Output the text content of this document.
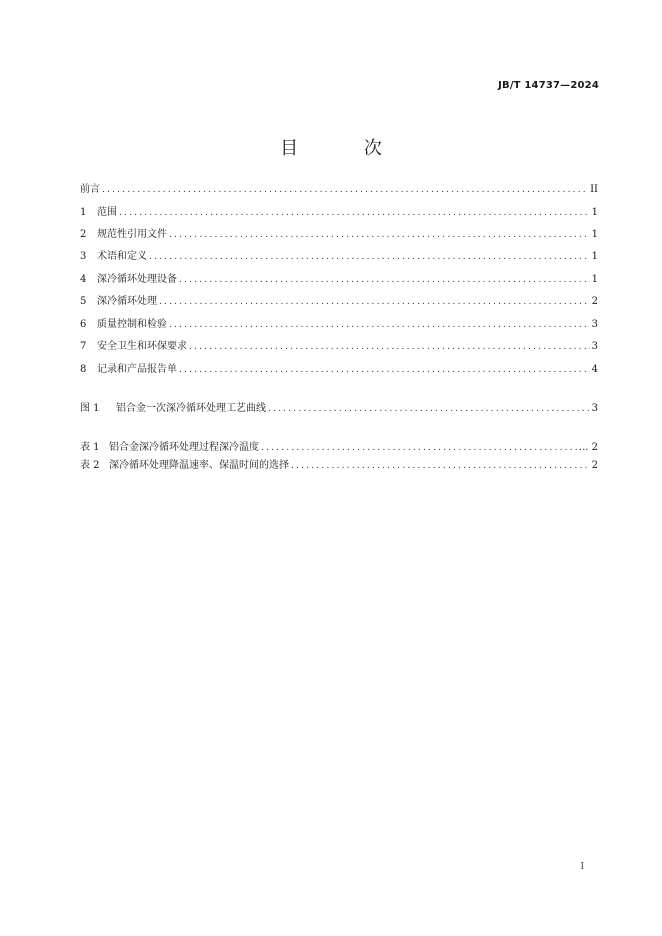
JB/T 14737—2024
目 次
前言 .....	II
1	范围 .....	1
2	规范性引用文件 .....	1
3	术语和定义 .....	1
4	深冷循环处理设备 .....	1
5	深冷循环处理 .....	2
6	质量控制和检验 .....	3
7	安全卫生和环保要求 .....	3
8	记录和产品报告单 .....	4
图 1	铝合金一次深冷循环处理工艺曲线 .....	3
表 1 铝合金深冷循环处理过程深冷温度 .....	... 2
表 2 深冷循环处理降温速率、保温时间的选择 .....	2
I
